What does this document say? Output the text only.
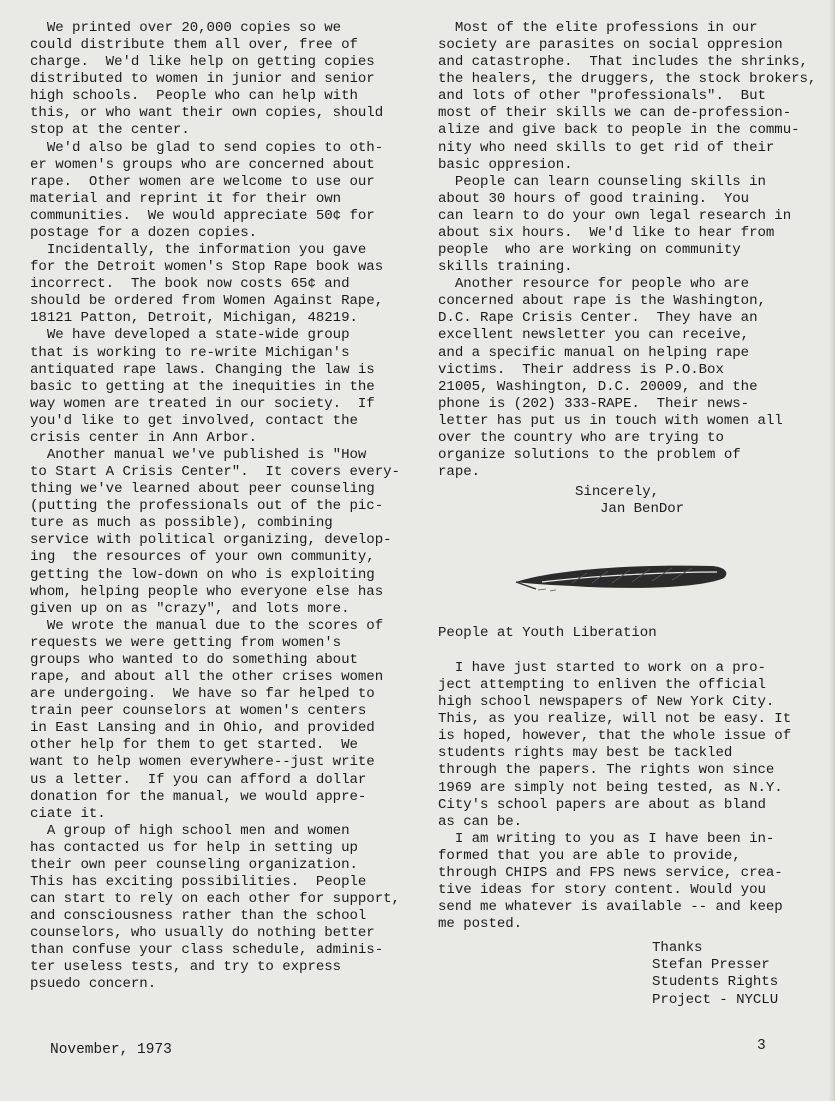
We printed over 20,000 copies so we
could distribute them all over, free of
charge.  We'd like help on getting copies
distributed to women in junior and senior
high schools.  People who can help with
this, or who want their own copies, should
stop at the center.
We'd also be glad to send copies to oth-
er women's groups who are concerned about
rape.  Other women are welcome to use our
material and reprint it for their own
communities.  We would appreciate 50¢ for
postage for a dozen copies.
Incidentally, the information you gave
for the Detroit women's Stop Rape book was
incorrect.  The book now costs 65¢ and
should be ordered from Women Against Rape,
18121 Patton, Detroit, Michigan, 48219.
We have developed a state-wide group
that is working to re-write Michigan's
antiquated rape laws. Changing the law is
basic to getting at the inequities in the
way women are treated in our society.  If
you'd like to get involved, contact the
crisis center in Ann Arbor.
Another manual we've published is "How
to Start A Crisis Center".  It covers every-
thing we've learned about peer counseling
(putting the professionals out of the pic-
ture as much as possible), combining
service with political organizing, develop-
ing  the resources of your own community,
getting the low-down on who is exploiting
whom, helping people who everyone else has
given up on as "crazy", and lots more.
We wrote the manual due to the scores of
requests we were getting from women's
groups who wanted to do something about
rape, and about all the other crises women
are undergoing.  We have so far helped to
train peer counselors at women's centers
in East Lansing and in Ohio, and provided
other help for them to get started.  We
want to help women everywhere--just write
us a letter.  If you can afford a dollar
donation for the manual, we would appre-
ciate it.
A group of high school men and women
has contacted us for help in setting up
their own peer counseling organization.
This has exciting possibilities.  People
can start to rely on each other for support,
and consciousness rather than the school
counselors, who usually do nothing better
than confuse your class schedule, adminis-
ter useless tests, and try to express
psuedo concern.
Most of the elite professions in our
society are parasites on social oppresion
and catastrophe.  That includes the shrinks,
the healers, the druggers, the stock brokers,
and lots of other "professionals".  But
most of their skills we can de-profession-
alize and give back to people in the commu-
nity who need skills to get rid of their
basic oppresion.
People can learn counseling skills in
about 30 hours of good training.  You
can learn to do your own legal research in
about six hours.  We'd like to hear from
people  who are working on community
skills training.
Another resource for people who are
concerned about rape is the Washington,
D.C. Rape Crisis Center.  They have an
excellent newsletter you can receive,
and a specific manual on helping rape
victims.  Their address is P.O.Box
21005, Washington, D.C. 20009, and the
phone is (202) 333-RAPE.  Their news-
letter has put us in touch with women all
over the country who are trying to
organize solutions to the problem of
rape.
Sincerely,
Jan BenDor
People at Youth Liberation
I have just started to work on a pro-
ject attempting to enliven the official
high school newspapers of New York City.
This, as you realize, will not be easy. It
is hoped, however, that the whole issue of
students rights may best be tackled
through the papers. The rights won since
1969 are simply not being tested, as N.Y.
City's school papers are about as bland
as can be.
I am writing to you as I have been in-
formed that you are able to provide,
through CHIPS and FPS news service, crea-
tive ideas for story content. Would you
send me whatever is available -- and keep
me posted.
Thanks
Stefan Presser
Students Rights
Project - NYCLU
November, 1973	3
